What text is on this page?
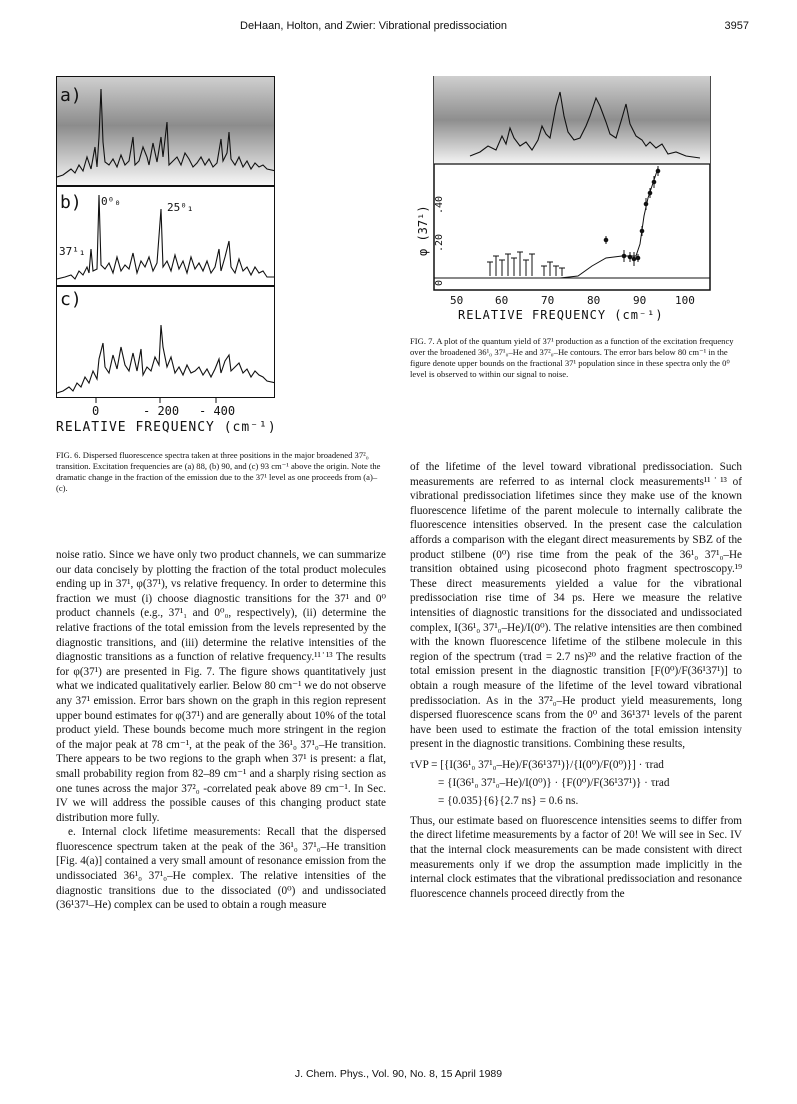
DeHaan, Holton, and Zwier: Vibrational predissociation	3957
a)
b) 0⁰₀	25⁰₁
37¹₁
c)
0	- 200 - 400
RELATIVE FREQUENCY (cm⁻¹)
FIG. 6. Dispersed fluorescence spectra taken at three positions in the major broadened 37²₀ transition. Excitation frequencies are (a) 88, (b) 90, and (c) 93 cm⁻¹ above the origin. Note the dramatic change in the fraction of the emission due to the 37¹ level as one proceeds from (a)–(c).
φ (37¹)
0
.20
.40
50	60	70	80	90	100
RELATIVE FREQUENCY (cm⁻¹)
FIG. 7. A plot of the quantum yield of 37¹ production as a function of the excitation frequency over the broadened 36¹₀ 37¹₀–He and 37²₀–He contours. The error bars below 80 cm⁻¹ in the figure denote upper bounds on the fractional 37¹ population since in these spectra only the 0⁰ level is observed to within our signal to noise.

noise ratio. Since we have only two product channels, we can summarize our data concisely by plotting the fraction of the total product molecules ending up in 37¹, φ(37¹), vs relative frequency. In order to determine this fraction we must (i) choose diagnostic transitions for the 37¹ and 0⁰ product channels (e.g., 37¹₁ and 0⁰₀, respectively), (ii) determine the relative fractions of the total emission from the levels represented by the diagnostic transitions, and (iii) determine the relative intensities of the diagnostic transitions as a function of relative frequency.¹¹˙¹³ The results for φ(37¹) are presented in Fig. 7. The figure shows quantitatively just what we indicated qualitatively earlier. Below 80 cm⁻¹ we do not observe any 37¹ emission. Error bars shown on the graph in this region represent upper bound estimates for φ(37¹) and are generally about 10% of the total product yield. These bounds become much more stringent in the region of the major peak at 78 cm⁻¹, at the peak of the 36¹₀ 37¹₀–He transition. There appears to be two regions to the graph when 37¹ is present: a flat, small probability region from 82–89 cm⁻¹ and a sharply rising section as one tunes across the major 37²₀ -correlated peak above 89 cm⁻¹. In Sec. IV we will address the possible causes of this changing product state distribution more fully.

e. Internal clock lifetime measurements: Recall that the dispersed fluorescence spectrum taken at the peak of the 36¹₀ 37¹₀–He transition [Fig. 4(a)] contained a very small amount of resonance emission from the undissociated 36¹₀ 37¹₀–He complex. The relative intensities of the diagnostic transitions due to the dissociated (0⁰) and undissociated (36¹37¹–He) complex can be used to obtain a rough measure

of the lifetime of the level toward vibrational predissociation. Such measurements are referred to as internal clock measurements¹¹˙¹³ of vibrational predissociation lifetimes since they make use of the known fluorescence lifetime of the parent molecule to internally calibrate the fluorescence intensities observed. In the present case the calculation affords a comparison with the elegant direct measurements by SBZ of the product stilbene (0⁰) rise time from the peak of the 36¹₀ 37¹₀–He transition obtained using picosecond photo fragment spectroscopy.¹⁹ These direct measurements yielded a value for the vibrational predissociation rise time of 34 ps. Here we measure the relative intensities of diagnostic transitions for the dissociated and undissociated complex, I(36¹₀ 37¹₀–He)/I(0⁰). The relative intensities are then combined with the known fluorescence lifetime of the stilbene molecule in this region of the spectrum (τrad = 2.7 ns)²⁰ and the relative fraction of the total emission present in the diagnostic transition [F(0⁰)/F(36¹37¹)] to obtain a rough measure of the lifetime of the level toward vibrational predissociation. As in the 37²₀–He product yield measurements, long dispersed fluorescence scans from the 0⁰ and 36¹37¹ levels of the parent have been used to estimate the fraction of the total emission intensity present in the diagnostic transitions. Combining these results,

τVP = [{I(36¹₀ 37¹₀–He)/F(36¹37¹)}/{I(0⁰)/F(0⁰)}] · τrad
= {I(36¹₀ 37¹₀–He)/I(0⁰)} · {F(0⁰)/F(36¹37¹)} · τrad
= {0.035}{6}{2.7 ns} = 0.6 ns.

Thus, our estimate based on fluorescence intensities seems to differ from the direct lifetime measurements by a factor of 20! We will see in Sec. IV that the internal clock measurements can be made consistent with direct measurements only if we drop the assumption made implicitly in the internal clock estimates that the vibrational predissociation and resonance fluorescence channels proceed directly from the

J. Chem. Phys., Vol. 90, No. 8, 15 April 1989
